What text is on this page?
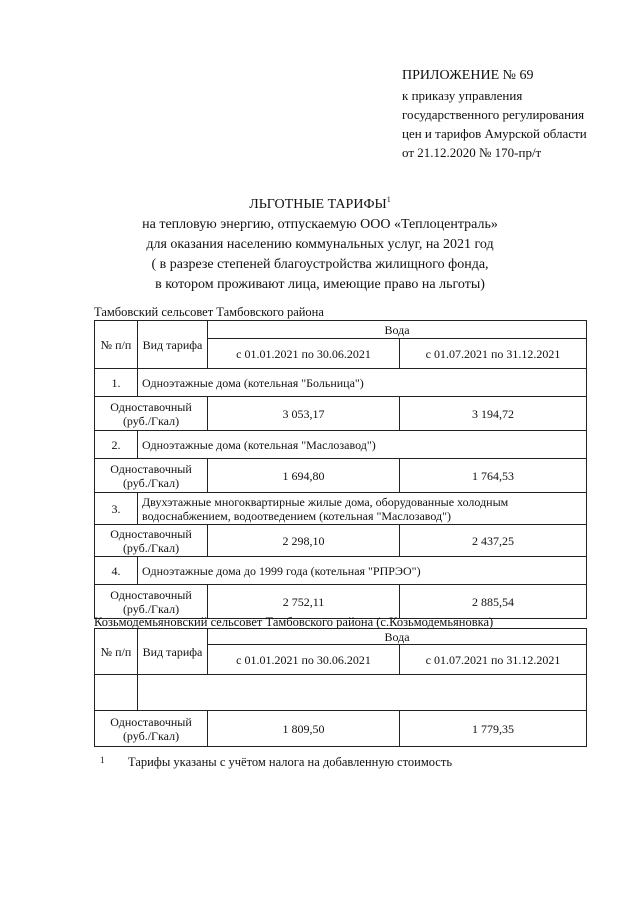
ПРИЛОЖЕНИЕ № 69
к приказу управления
государственного регулирования
цен и тарифов Амурской области
от 21.12.2020 № 170-пр/т
ЛЬГОТНЫЕ ТАРИФЫ$^1$
на тепловую энергию, отпускаемую ООО «Теплоцентраль»
для оказания населению коммунальных услуг, на 2021 год
( в разрезе степеней благоустройства жилищного фонда,
в котором проживают лица, имеющие право на льготы)
Тамбовский сельсовет Тамбовского района
№ п/п	Вид тарифа	Вода	
		с 01.01.2021 по 30.06.2021	с 01.07.2021 по 31.12.2021
1.	Одноэтажные дома (котельная "Больница")		
Одноставочный (руб./Гкал)		3 053,17	3 194,72
2.	Одноэтажные дома (котельная "Маслозавод")		
Одноставочный (руб./Гкал)		1 694,80	1 764,53
3.	Двухэтажные многоквартирные жилые дома, оборудованные холодным водоснабжением, водоотведением (котельная "Маслозавод")		
Одноставочный (руб./Гкал)		2 298,10	2 437,25
4.	Одноэтажные дома до 1999 года (котельная "РПРЭО")		
Одноставочный (руб./Гкал)		2 752,11	2 885,54
Козьмодемьяновский сельсовет Тамбовского района (с.Козьмодемьяновка)
№ п/п	Вид тарифа	Вода	
		с 01.01.2021 по 30.06.2021	с 01.07.2021 по 31.12.2021

Одноставочный (руб./Гкал)		1 809,50	1 779,35
1 Тарифы указаны с учётом налога на добавленную стоимость
